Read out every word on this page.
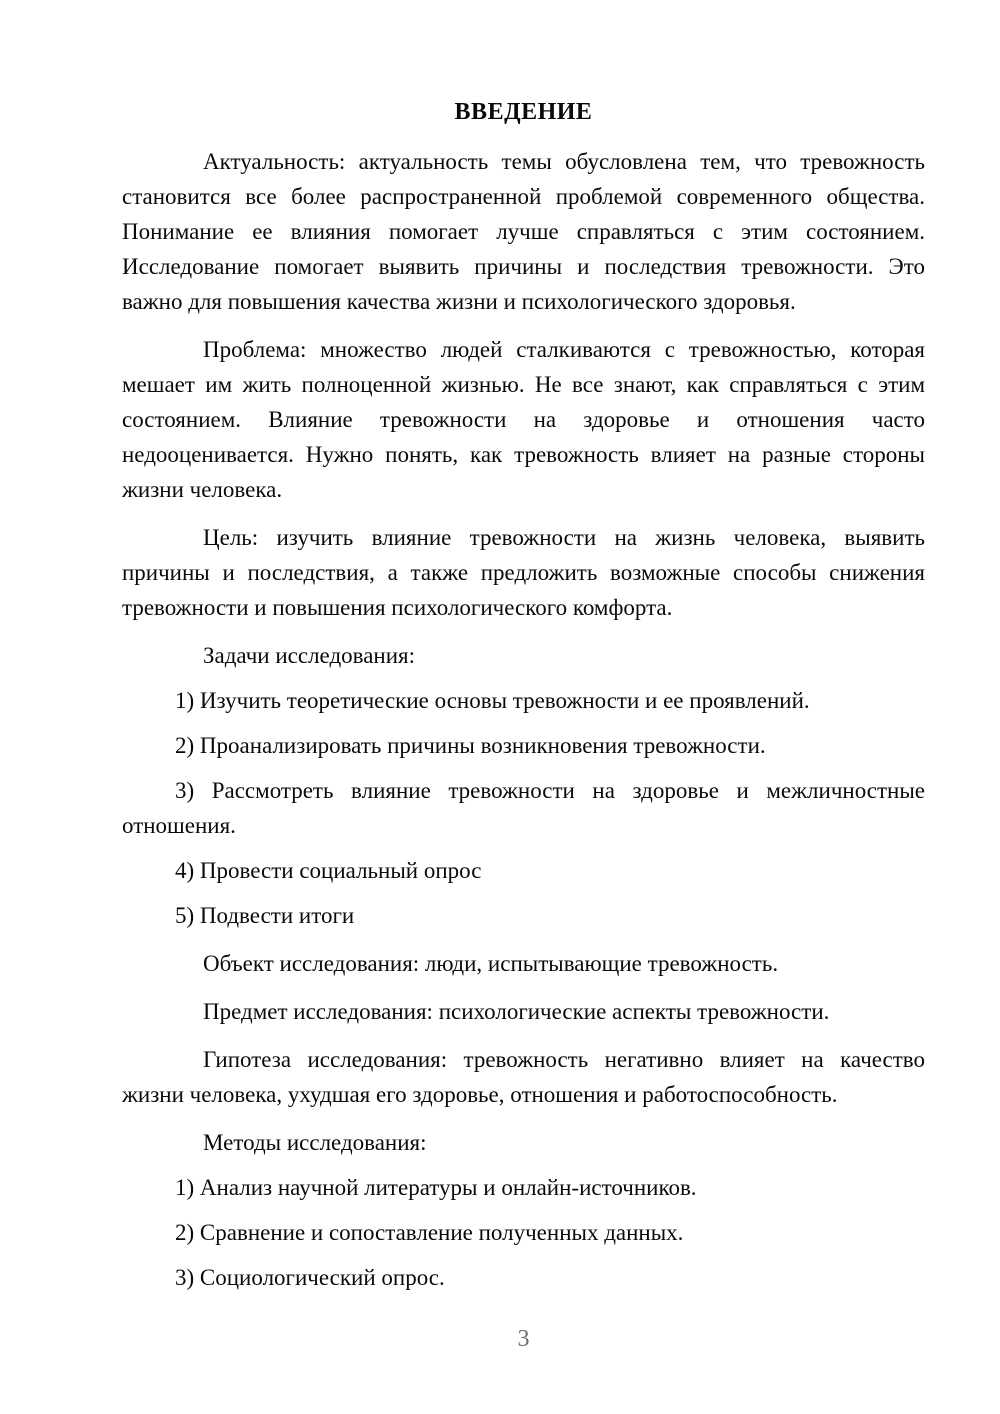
ВВЕДЕНИЕ

Актуальность: актуальность темы обусловлена тем, что тревожность становится все более распространенной проблемой современного общества. Понимание ее влияния помогает лучше справляться с этим состоянием. Исследование помогает выявить причины и последствия тревожности. Это важно для повышения качества жизни и психологического здоровья.

Проблема: множество людей сталкиваются с тревожностью, которая мешает им жить полноценной жизнью. Не все знают, как справляться с этим состоянием. Влияние тревожности на здоровье и отношения часто недооценивается. Нужно понять, как тревожность влияет на разные стороны жизни человека.

Цель: изучить влияние тревожности на жизнь человека, выявить причины и последствия, а также предложить возможные способы снижения тревожности и повышения психологического комфорта.

Задачи исследования:

1) Изучить теоретические основы тревожности и ее проявлений.

2) Проанализировать причины возникновения тревожности.

3) Рассмотреть влияние тревожности на здоровье и межличностные отношения.

4) Провести социальный опрос

5) Подвести итоги

Объект исследования: люди, испытывающие тревожность.

Предмет исследования: психологические аспекты тревожности.

Гипотеза исследования: тревожность негативно влияет на качество жизни человека, ухудшая его здоровье, отношения и работоспособность.

Методы исследования:

1) Анализ научной литературы и онлайн-источников.

2) Сравнение и сопоставление полученных данных.

3) Социологический опрос.

3
